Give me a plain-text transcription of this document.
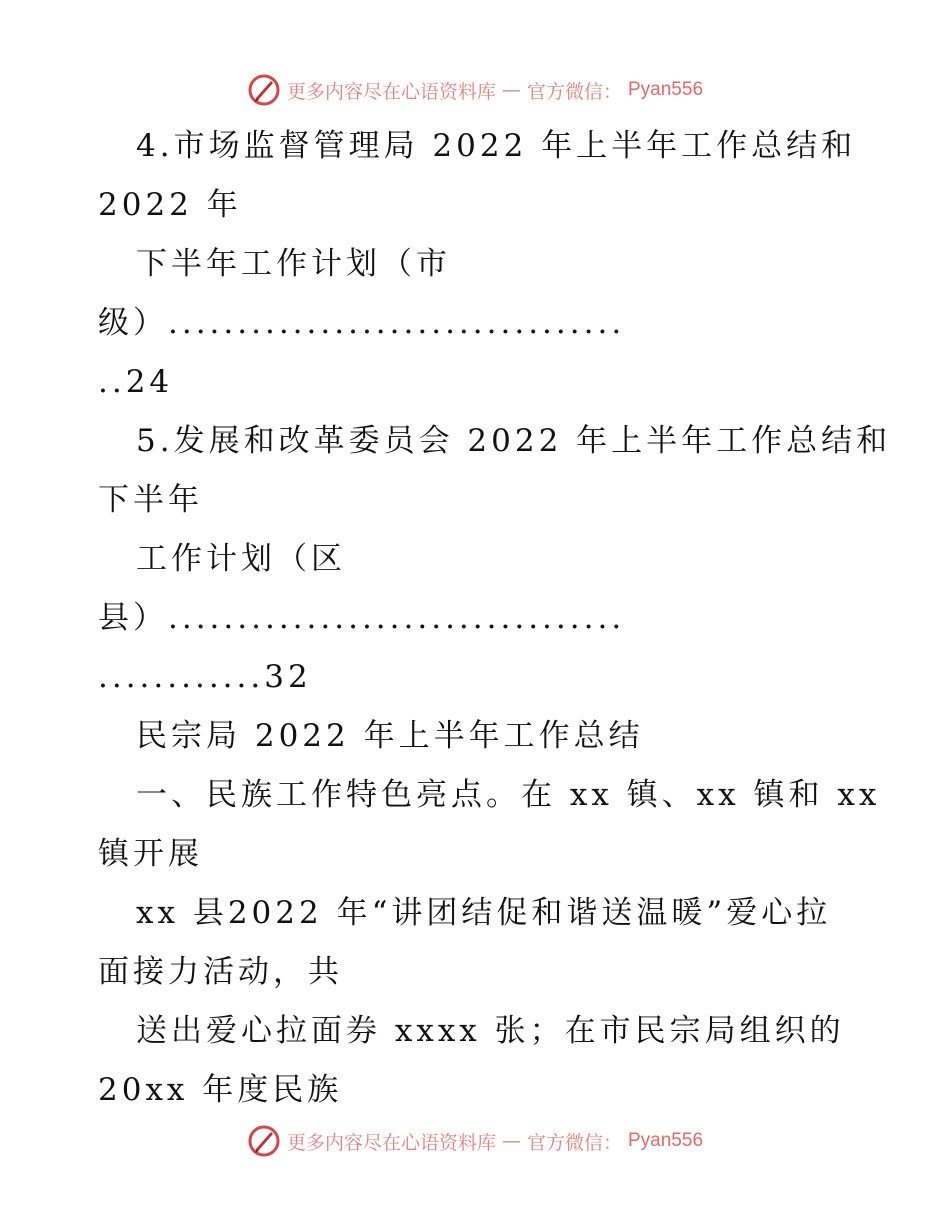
更多内容尽在心语资料库 — 官方微信： Pyan556
4.市场监督管理局 2022 年上半年工作总结和
2022 年
下半年工作计划（市
级）.................................
..24
5.发展和改革委员会 2022 年上半年工作总结和
下半年
工作计划（区
县）.................................
............32
民宗局 2022 年上半年工作总结
一、民族工作特色亮点。在 xx 镇、xx 镇和 xx
镇开展
xx 县2022 年“讲团结促和谐送温暖”爱心拉
面接力活动，共
送出爱心拉面券 xxxx 张；在市民宗局组织的
20xx 年度民族
更多内容尽在心语资料库 — 官方微信： Pyan556
